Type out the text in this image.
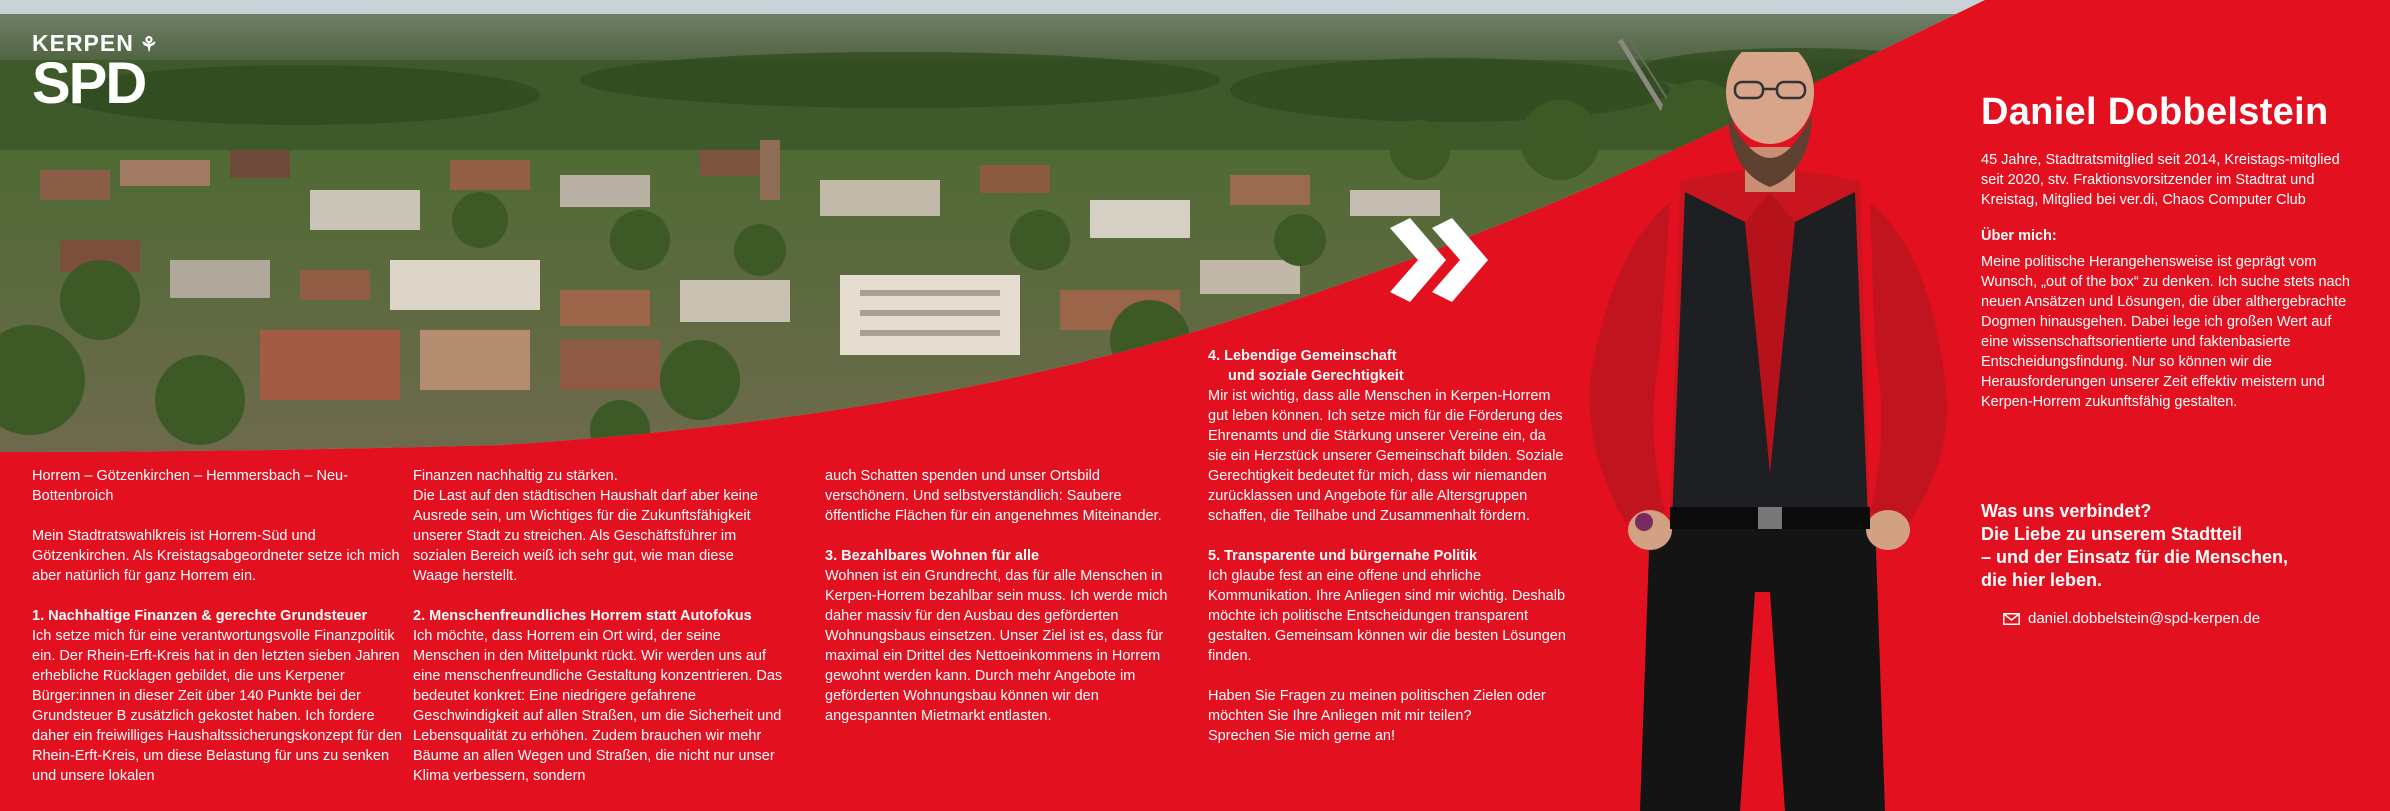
KERPEN ⚘
SPD

Horrem – Götzenkirchen – Hemmersbach – Neu-Bottenbroich

Mein Stadtratswahlkreis ist Horrem-Süd und Götzenkirchen. Als Kreistagsabgeordneter setze ich mich aber natürlich für ganz Horrem ein.

1. Nachhaltige Finanzen & gerechte Grundsteuer

Ich setze mich für eine verantwortungsvolle Finanzpolitik ein. Der Rhein-Erft-Kreis hat in den letzten sieben Jahren erhebliche Rücklagen gebildet, die uns Kerpener Bürger:innen in dieser Zeit über 140 Punkte bei der Grundsteuer B zusätzlich gekostet haben. Ich fordere daher ein freiwilliges Haushaltssicherungskonzept für den Rhein-Erft-Kreis, um diese Belastung für uns zu senken und unsere lokalen

Finanzen nachhaltig zu stärken.

Die Last auf den städtischen Haushalt darf aber keine Ausrede sein, um Wichtiges für die Zukunftsfähigkeit unserer Stadt zu streichen. Als Geschäftsführer im sozialen Bereich weiß ich sehr gut, wie man diese Waage herstellt.

2. Menschenfreundliches Horrem statt Autofokus

Ich möchte, dass Horrem ein Ort wird, der seine Menschen in den Mittelpunkt rückt. Wir werden uns auf eine menschenfreundliche Gestaltung konzentrieren. Das bedeutet konkret: Eine niedrigere gefahrene Geschwindigkeit auf allen Straßen, um die Sicherheit und Lebensqualität zu erhöhen. Zudem brauchen wir mehr Bäume an allen Wegen und Straßen, die nicht nur unser Klima verbessern, sondern

auch Schatten spenden und unser Ortsbild verschönern. Und selbstverständlich: Saubere öffentliche Flächen für ein angenehmes Miteinander.

3. Bezahlbares Wohnen für alle

Wohnen ist ein Grundrecht, das für alle Menschen in Kerpen-Horrem bezahlbar sein muss. Ich werde mich daher massiv für den Ausbau des geförderten Wohnungsbaus einsetzen. Unser Ziel ist es, dass für maximal ein Drittel des Nettoeinkommens in Horrem gewohnt werden kann. Durch mehr Angebote im

geförderten Wohnungsbau können wir den angespannten Mietmarkt entlasten.

4. Lebendige Gemeinschaft
und soziale Gerechtigkeit

Mir ist wichtig, dass alle Menschen in Kerpen-Horrem gut leben können. Ich setze mich für die Förderung des Ehrenamts und die Stärkung unserer Vereine ein, da sie ein Herzstück unserer Gemeinschaft bilden. Soziale Gerechtigkeit bedeutet für mich, dass wir niemanden zurücklassen und Angebote für alle Altersgruppen schaffen, die Teilhabe und Zusammenhalt fördern.

5. Transparente und bürgernahe Politik

Ich glaube fest an eine offene und ehrliche Kommunikation. Ihre Anliegen sind mir wichtig. Deshalb möchte ich politische Entscheidungen transparent gestalten. Gemeinsam können wir die besten Lösungen finden.

Haben Sie Fragen zu meinen politischen Zielen oder möchten Sie Ihre Anliegen mit mir teilen?

Sprechen Sie mich gerne an!

Daniel Dobbelstein

45 Jahre, Stadtratsmitglied seit 2014, Kreistags-mitglied seit 2020, stv. Fraktionsvorsitzender im Stadtrat und Kreistag, Mitglied bei ver.di, Chaos Computer Club

Über mich:

Meine politische Herangehensweise ist geprägt vom Wunsch, „out of the box“ zu denken. Ich suche stets nach neuen Ansätzen und Lösungen, die über althergebrachte Dogmen hinausgehen. Dabei lege ich großen Wert auf eine wissenschaftsorientierte und faktenbasierte Entscheidungsfindung. Nur so können wir die Herausforderungen unserer Zeit effektiv meistern und Kerpen-Horrem zukunftsfähig gestalten.

Was uns verbindet?
Die Liebe zu unserem Stadtteil
– und der Einsatz für die Menschen,
die hier leben.
daniel.dobbelstein@spd-kerpen.de
